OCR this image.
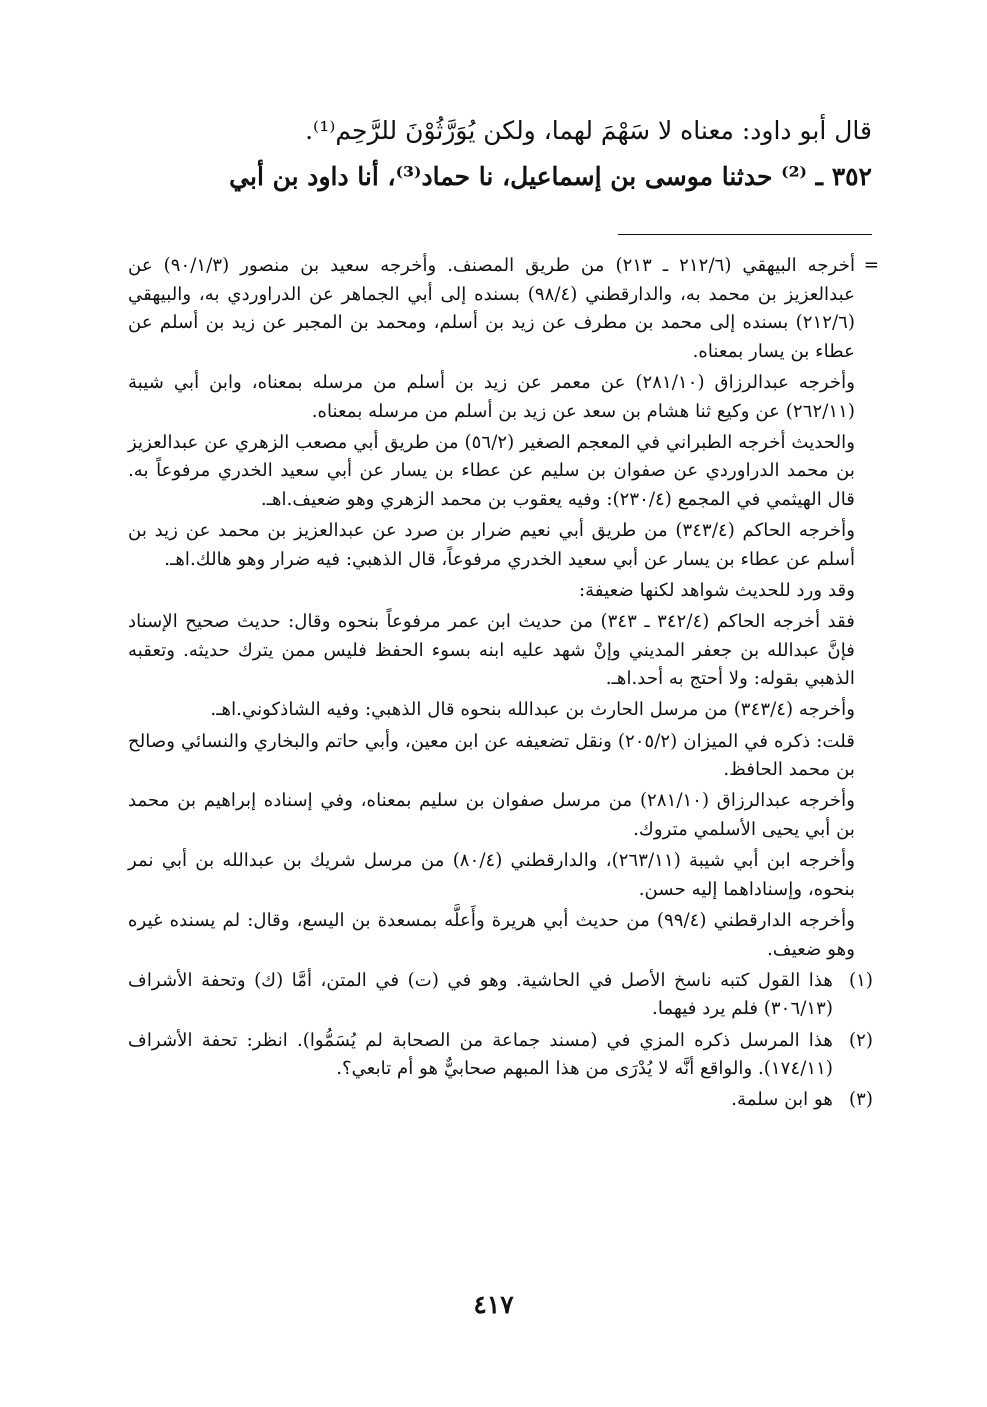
قال أبو داود: معناه لا سَهْمَ لهما، ولكن يُوَرَّثُوْنَ للرَّحِم⁽¹⁾.

٣٥٢ ـ ⁽²⁾ حدثنا موسى بن إسماعيل، نا حماد⁽³⁾، أنا داود بن أبي

=

أخرجه البيهقي (٢١٢/٦ ـ ٢١٣) من طريق المصنف. وأخرجه سعيد بن منصور (٩٠/١/٣) عن عبدالعزيز بن محمد به، والدارقطني (٩٨/٤) بسنده إلى أبي الجماهر عن الدراوردي به، والبيهقي (٢١٢/٦) بسنده إلى محمد بن مطرف عن زيد بن أسلم، ومحمد بن المجبر عن زيد بن أسلم عن عطاء بن يسار بمعناه.

وأخرجه عبدالرزاق (٢٨١/١٠) عن معمر عن زيد بن أسلم من مرسله بمعناه، وابن أبي شيبة (٢٦٢/١١) عن وكيع ثنا هشام بن سعد عن زيد بن أسلم من مرسله بمعناه.

والحديث أخرجه الطبراني في المعجم الصغير (٥٦/٢) من طريق أبي مصعب الزهري عن عبدالعزيز بن محمد الدراوردي عن صفوان بن سليم عن عطاء بن يسار عن أبي سعيد الخدري مرفوعاً به. قال الهيثمي في المجمع (٢٣٠/٤): وفيه يعقوب بن محمد الزهري وهو ضعيف.اهـ.

وأخرجه الحاكم (٣٤٣/٤) من طريق أبي نعيم ضرار بن صرد عن عبدالعزيز بن محمد عن زيد بن أسلم عن عطاء بن يسار عن أبي سعيد الخدري مرفوعاً، قال الذهبي: فيه ضرار وهو هالك.اهـ.

وقد ورد للحديث شواهد لكنها ضعيفة:

فقد أخرجه الحاكم (٣٤٢/٤ ـ ٣٤٣) من حديث ابن عمر مرفوعاً بنحوه وقال: حديث صحيح الإسناد فإنَّ عبدالله بن جعفر المديني وإنْ شهد عليه ابنه بسوء الحفظ فليس ممن يترك حديثه. وتعقبه الذهبي بقوله: ولا أحتج به أحد.اهـ.

وأخرجه (٣٤٣/٤) من مرسل الحارث بن عبدالله بنحوه قال الذهبي: وفيه الشاذكوني.اهـ.

قلت: ذكره في الميزان (٢٠٥/٢) ونقل تضعيفه عن ابن معين، وأبي حاتم والبخاري والنسائي وصالح بن محمد الحافظ.

وأخرجه عبدالرزاق (٢٨١/١٠) من مرسل صفوان بن سليم بمعناه، وفي إسناده إبراهيم بن محمد بن أبي يحيى الأسلمي متروك.

وأخرجه ابن أبي شيبة (٢٦٣/١١)، والدارقطني (٨٠/٤) من مرسل شريك بن عبدالله بن أبي نمر بنحوه، وإسناداهما إليه حسن.

وأخرجه الدارقطني (٩٩/٤) من حديث أبي هريرة وأَعلَّه بمسعدة بن اليسع، وقال: لم يسنده غيره وهو ضعيف.

(١)

هذا القول كتبه ناسخ الأصل في الحاشية. وهو في (ت) في المتن، أمَّا (ك) وتحفة الأشراف (٣٠٦/١٣) فلم يرد فيهما.

(٢)

هذا المرسل ذكره المزي في (مسند جماعة من الصحابة لم يُسَمُّوا). انظر: تحفة الأشراف (١٧٤/١١). والواقع أنَّه لا يُدْرَى من هذا المبهم صحابيٌّ هو أم تابعي؟.

(٣)

هو ابن سلمة.

٤١٧
